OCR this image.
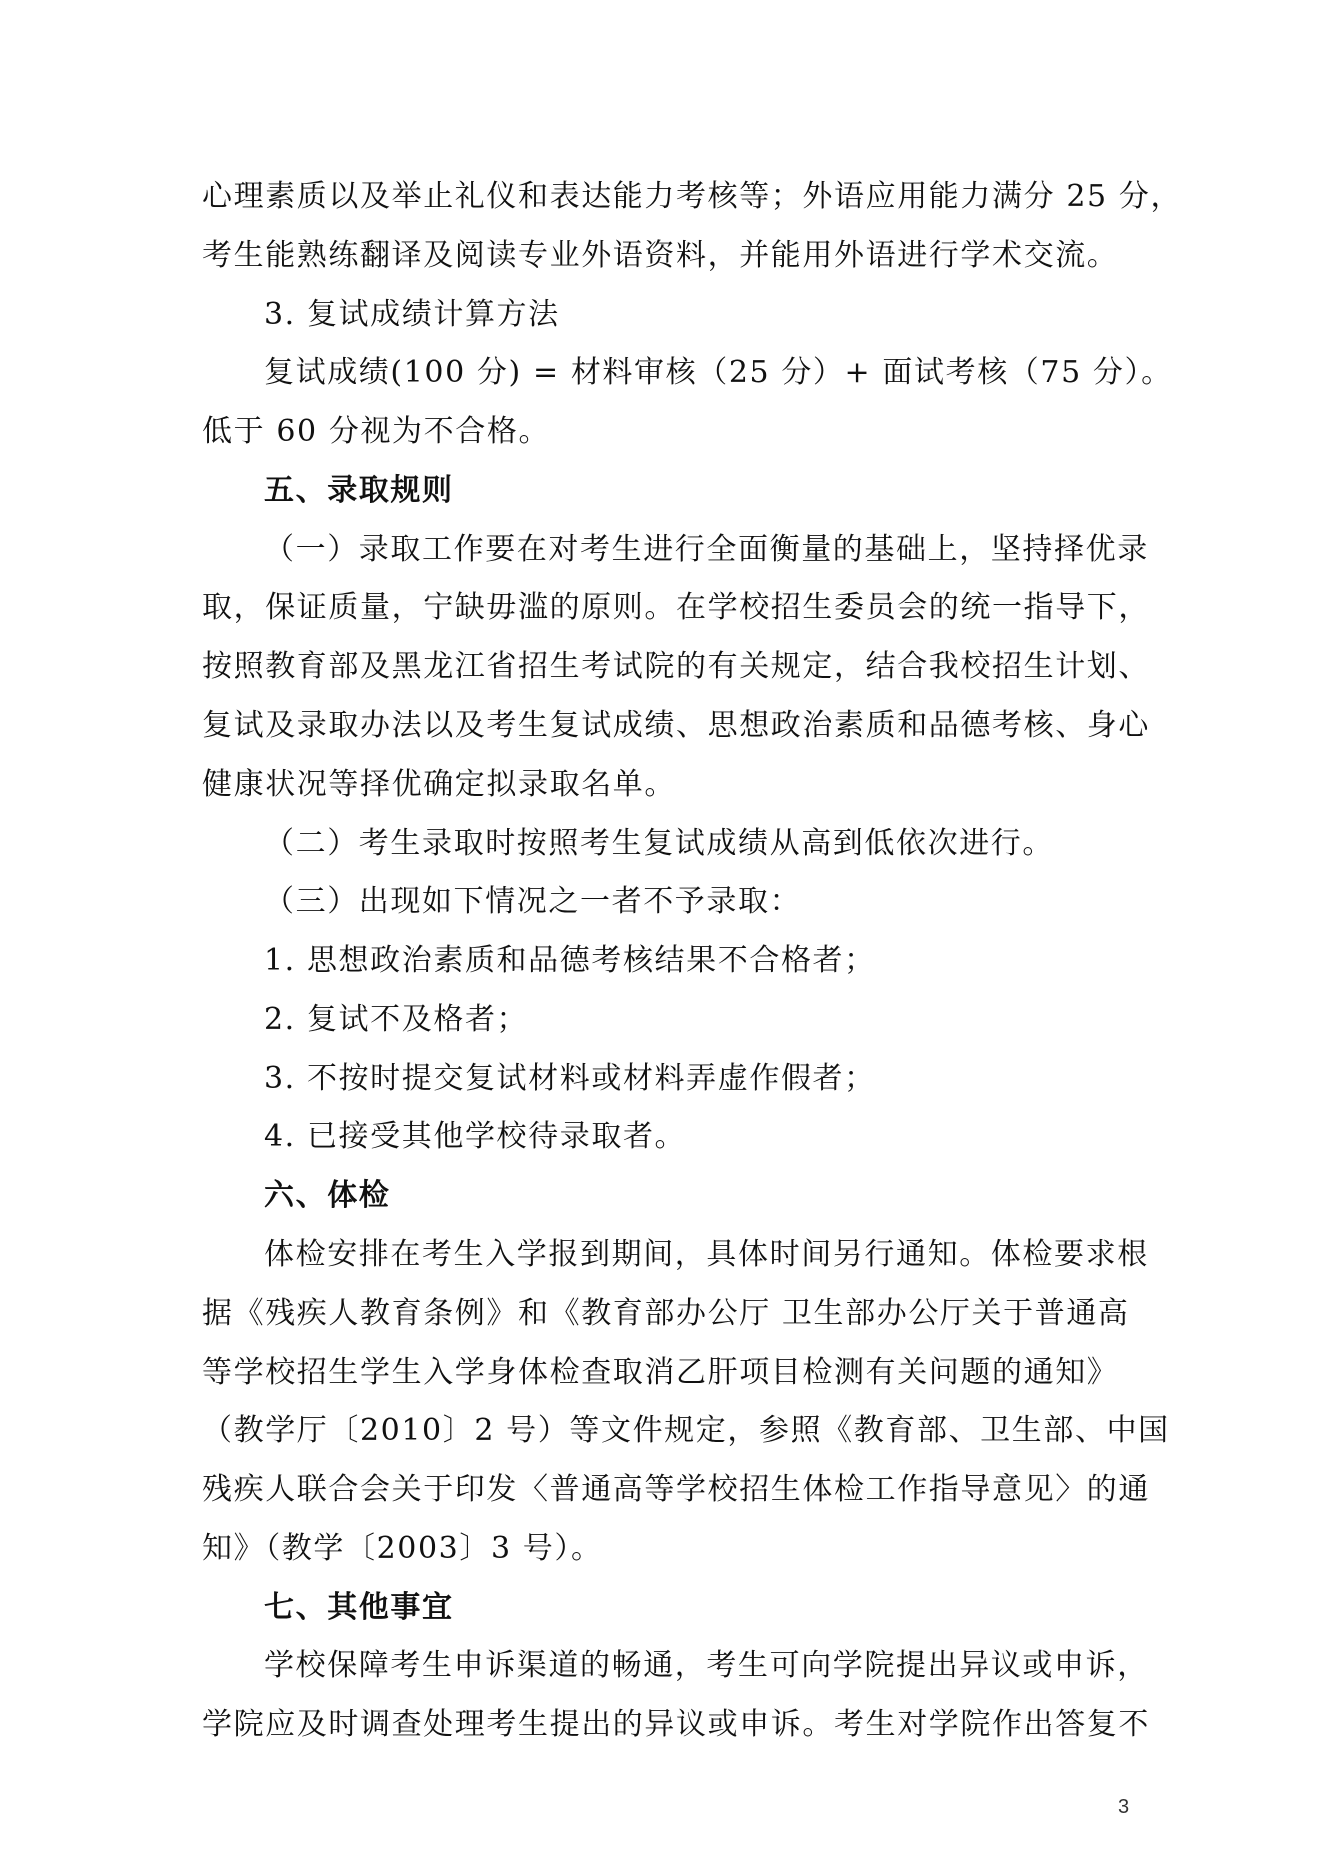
心理素质以及举止礼仪和表达能力考核等；外语应用能力满分 25 分，
考生能熟练翻译及阅读专业外语资料，并能用外语进行学术交流。
3. 复试成绩计算方法
复试成绩(100 分) = 材料审核（25 分）+ 面试考核（75 分）。
低于 60 分视为不合格。
五、录取规则
（一）录取工作要在对考生进行全面衡量的基础上，坚持择优录
取，保证质量，宁缺毋滥的原则。在学校招生委员会的统一指导下，
按照教育部及黑龙江省招生考试院的有关规定，结合我校招生计划、
复试及录取办法以及考生复试成绩、思想政治素质和品德考核、身心
健康状况等择优确定拟录取名单。
（二）考生录取时按照考生复试成绩从高到低依次进行。
（三）出现如下情况之一者不予录取：
1. 思想政治素质和品德考核结果不合格者；
2. 复试不及格者；
3. 不按时提交复试材料或材料弄虚作假者；
4. 已接受其他学校待录取者。
六、体检
体检安排在考生入学报到期间，具体时间另行通知。体检要求根
据《残疾人教育条例》和《教育部办公厅 卫生部办公厅关于普通高
等学校招生学生入学身体检查取消乙肝项目检测有关问题的通知》
（教学厅〔2010〕2 号）等文件规定，参照《教育部、卫生部、中国
残疾人联合会关于印发〈普通高等学校招生体检工作指导意见〉的通
知》（教学〔2003〕3 号）。
七、其他事宜
学校保障考生申诉渠道的畅通，考生可向学院提出异议或申诉，
学院应及时调查处理考生提出的异议或申诉。考生对学院作出答复不
3
